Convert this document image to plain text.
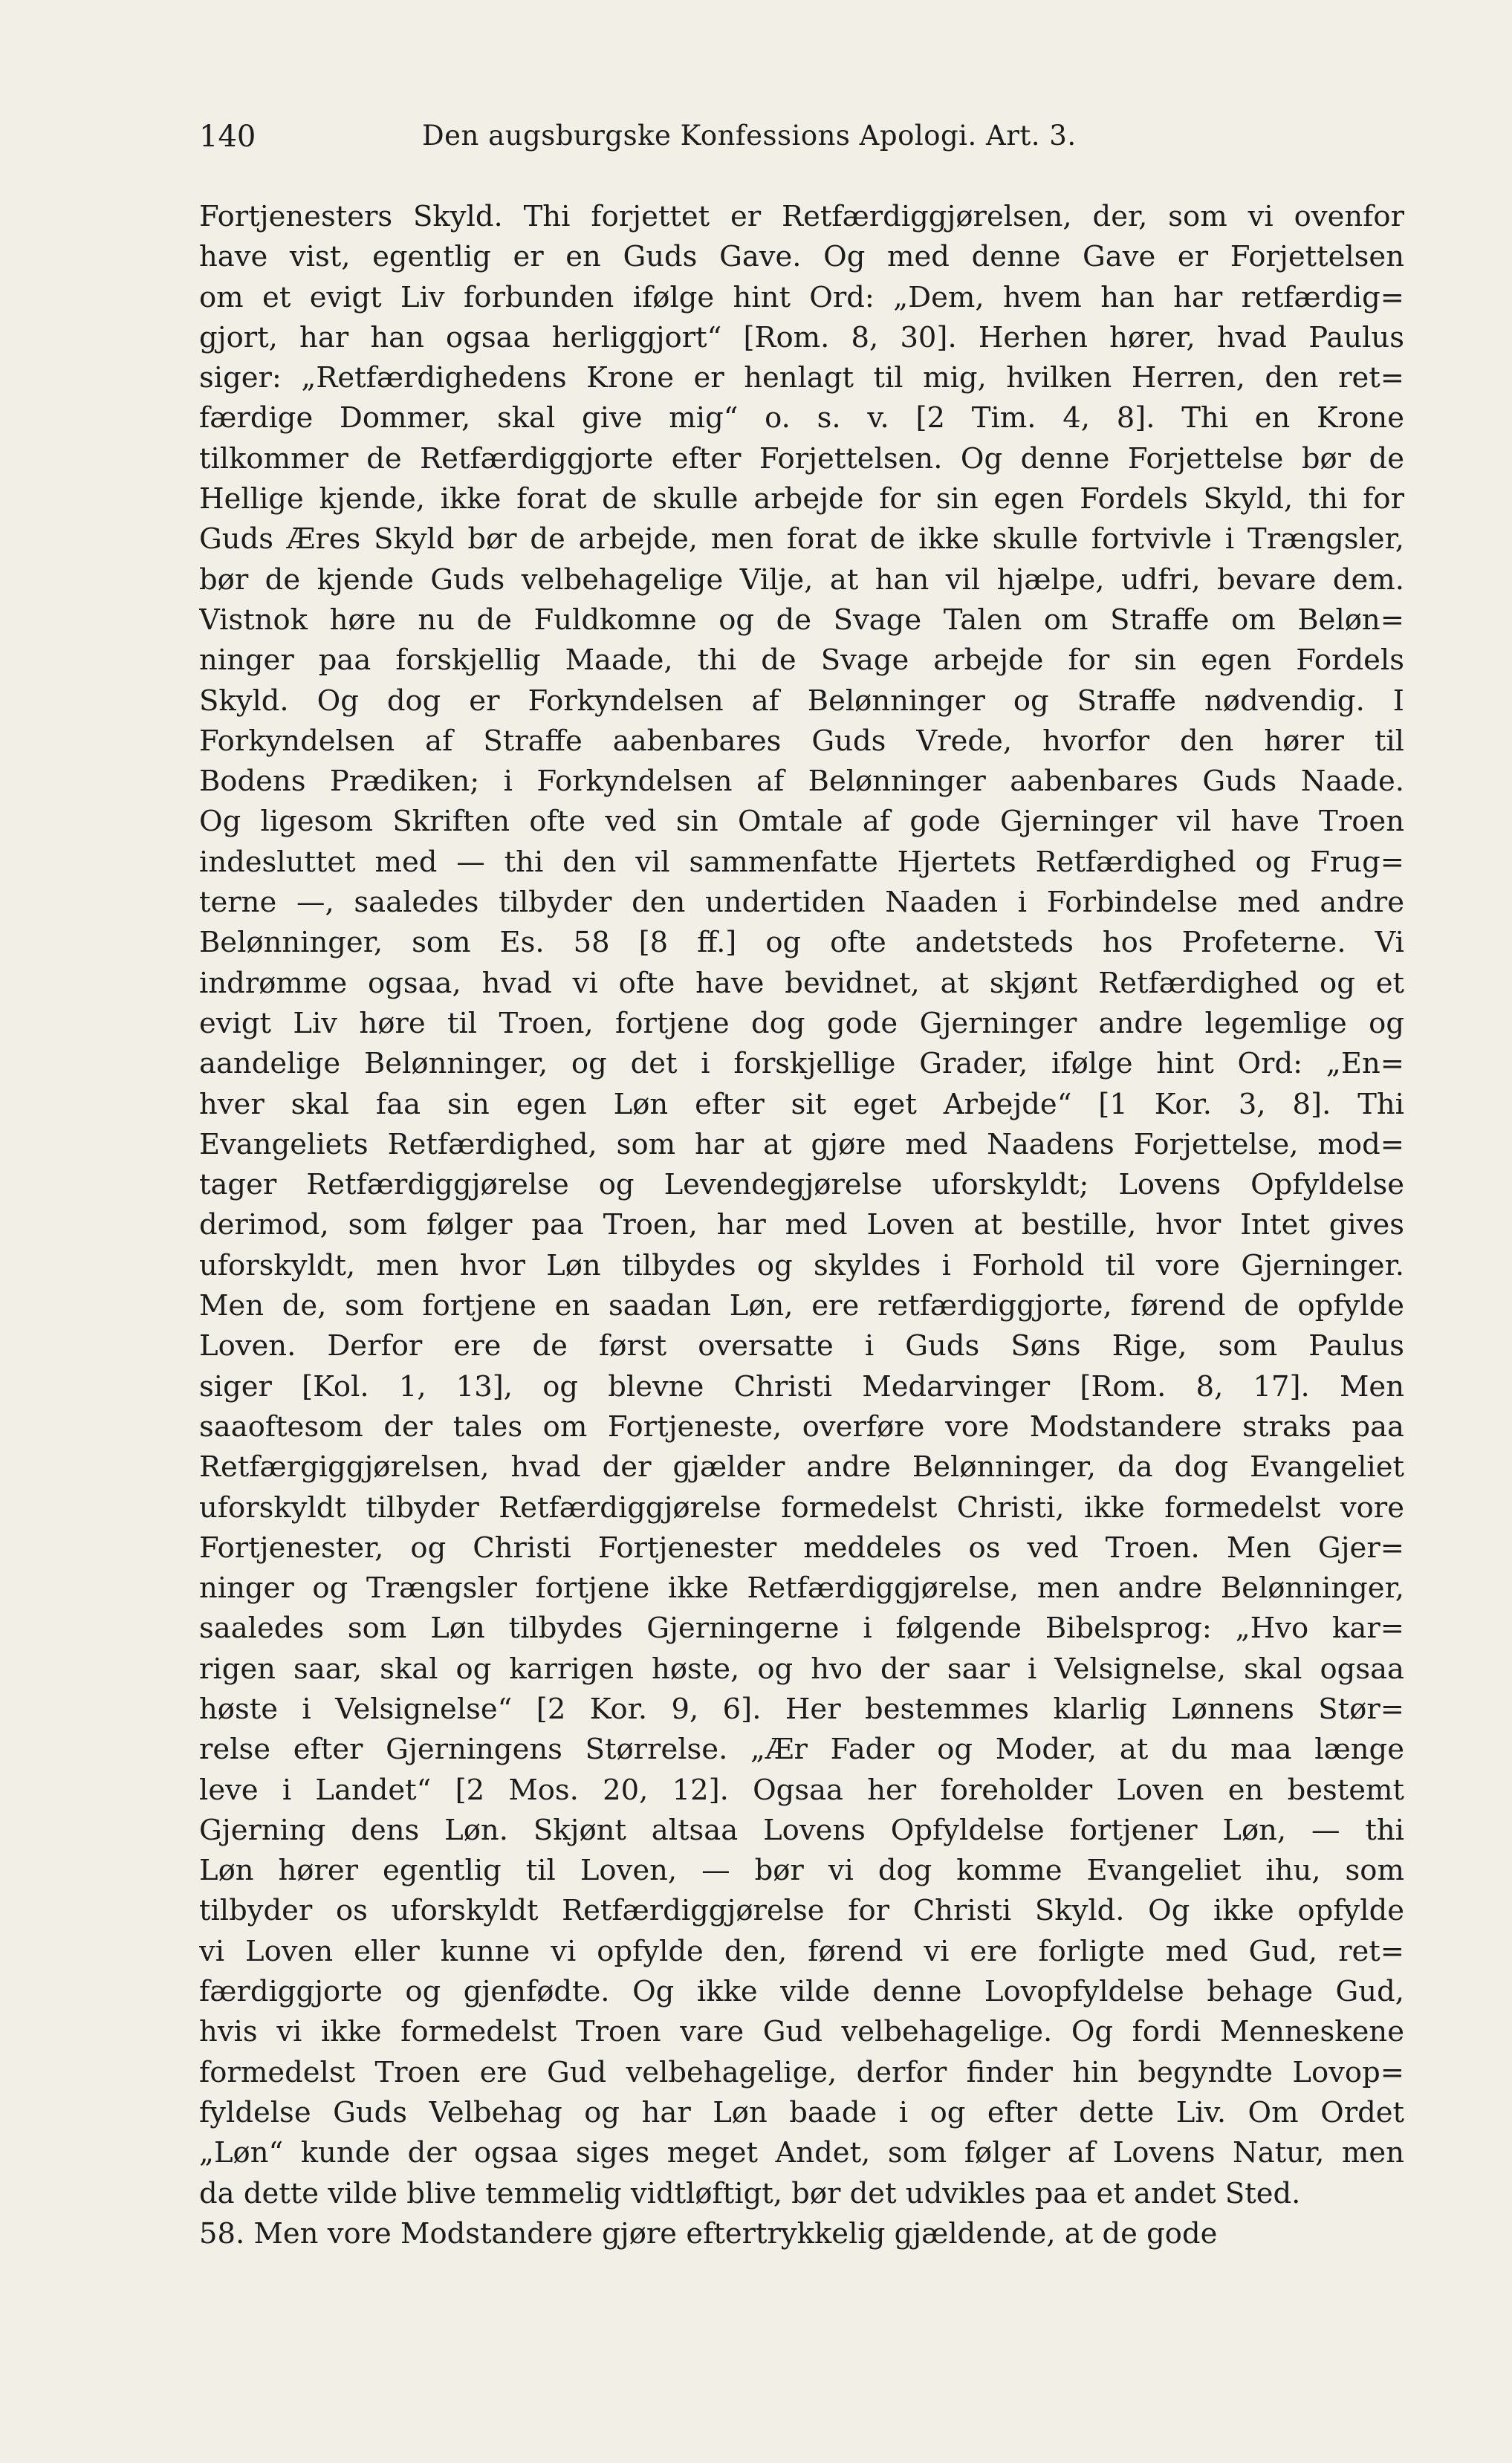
140	Den augsburgske Konfessions Apologi. Art. 3.
Fortjenesters Skyld. Thi forjettet er Retfærdiggjørelsen, der, som vi ovenfor
have vist, egentlig er en Guds Gave. Og med denne Gave er Forjettelsen
om et evigt Liv forbunden ifølge hint Ord: „Dem, hvem han har retfærdig=
gjort, har han ogsaa herliggjort“ [Rom. 8, 30]. Herhen hører, hvad Paulus
siger: „Retfærdighedens Krone er henlagt til mig, hvilken Herren, den ret=
færdige Dommer, skal give mig“ o. s. v. [2 Tim. 4, 8]. Thi en Krone
tilkommer de Retfærdiggjorte efter Forjettelsen. Og denne Forjettelse bør de
Hellige kjende, ikke forat de skulle arbejde for sin egen Fordels Skyld, thi for
Guds Æres Skyld bør de arbejde, men forat de ikke skulle fortvivle i Trængsler,
bør de kjende Guds velbehagelige Vilje, at han vil hjælpe, udfri, bevare dem.
Vistnok høre nu de Fuldkomne og de Svage Talen om Straffe om Beløn=
ninger paa forskjellig Maade, thi de Svage arbejde for sin egen Fordels
Skyld. Og dog er Forkyndelsen af Belønninger og Straffe nødvendig. I
Forkyndelsen af Straffe aabenbares Guds Vrede, hvorfor den hører til
Bodens Prædiken; i Forkyndelsen af Belønninger aabenbares Guds Naade.
Og ligesom Skriften ofte ved sin Omtale af gode Gjerninger vil have Troen
indesluttet med — thi den vil sammenfatte Hjertets Retfærdighed og Frug=
terne —, saaledes tilbyder den undertiden Naaden i Forbindelse med andre
Belønninger, som Es. 58 [8 ff.] og ofte andetsteds hos Profeterne. Vi
indrømme ogsaa, hvad vi ofte have bevidnet, at skjønt Retfærdighed og et
evigt Liv høre til Troen, fortjene dog gode Gjerninger andre legemlige og
aandelige Belønninger, og det i forskjellige Grader, ifølge hint Ord: „En=
hver skal faa sin egen Løn efter sit eget Arbejde“ [1 Kor. 3, 8]. Thi
Evangeliets Retfærdighed, som har at gjøre med Naadens Forjettelse, mod=
tager Retfærdiggjørelse og Levendegjørelse uforskyldt; Lovens Opfyldelse
derimod, som følger paa Troen, har med Loven at bestille, hvor Intet gives
uforskyldt, men hvor Løn tilbydes og skyldes i Forhold til vore Gjerninger.
Men de, som fortjene en saadan Løn, ere retfærdiggjorte, førend de opfylde
Loven. Derfor ere de først oversatte i Guds Søns Rige, som Paulus
siger [Kol. 1, 13], og blevne Christi Medarvinger [Rom. 8, 17]. Men
saaoftesom der tales om Fortjeneste, overføre vore Modstandere straks paa
Retfærgiggjørelsen, hvad der gjælder andre Belønninger, da dog Evangeliet
uforskyldt tilbyder Retfærdiggjørelse formedelst Christi, ikke formedelst vore
Fortjenester, og Christi Fortjenester meddeles os ved Troen. Men Gjer=
ninger og Trængsler fortjene ikke Retfærdiggjørelse, men andre Belønninger,
saaledes som Løn tilbydes Gjerningerne i følgende Bibelsprog: „Hvo kar=
rigen saar, skal og karrigen høste, og hvo der saar i Velsignelse, skal ogsaa
høste i Velsignelse“ [2 Kor. 9, 6]. Her bestemmes klarlig Lønnens Stør=
relse efter Gjerningens Størrelse. „Ær Fader og Moder, at du maa længe
leve i Landet“ [2 Mos. 20, 12]. Ogsaa her foreholder Loven en bestemt
Gjerning dens Løn. Skjønt altsaa Lovens Opfyldelse fortjener Løn, — thi
Løn hører egentlig til Loven, — bør vi dog komme Evangeliet ihu, som
tilbyder os uforskyldt Retfærdiggjørelse for Christi Skyld. Og ikke opfylde
vi Loven eller kunne vi opfylde den, førend vi ere forligte med Gud, ret=
færdiggjorte og gjenfødte. Og ikke vilde denne Lovopfyldelse behage Gud,
hvis vi ikke formedelst Troen vare Gud velbehagelige. Og fordi Menneskene
formedelst Troen ere Gud velbehagelige, derfor finder hin begyndte Lovop=
fyldelse Guds Velbehag og har Løn baade i og efter dette Liv. Om Ordet
„Løn“ kunde der ogsaa siges meget Andet, som følger af Lovens Natur, men
da dette vilde blive temmelig vidtløftigt, bør det udvikles paa et andet Sted.
58. Men vore Modstandere gjøre eftertrykkelig gjældende, at de gode
